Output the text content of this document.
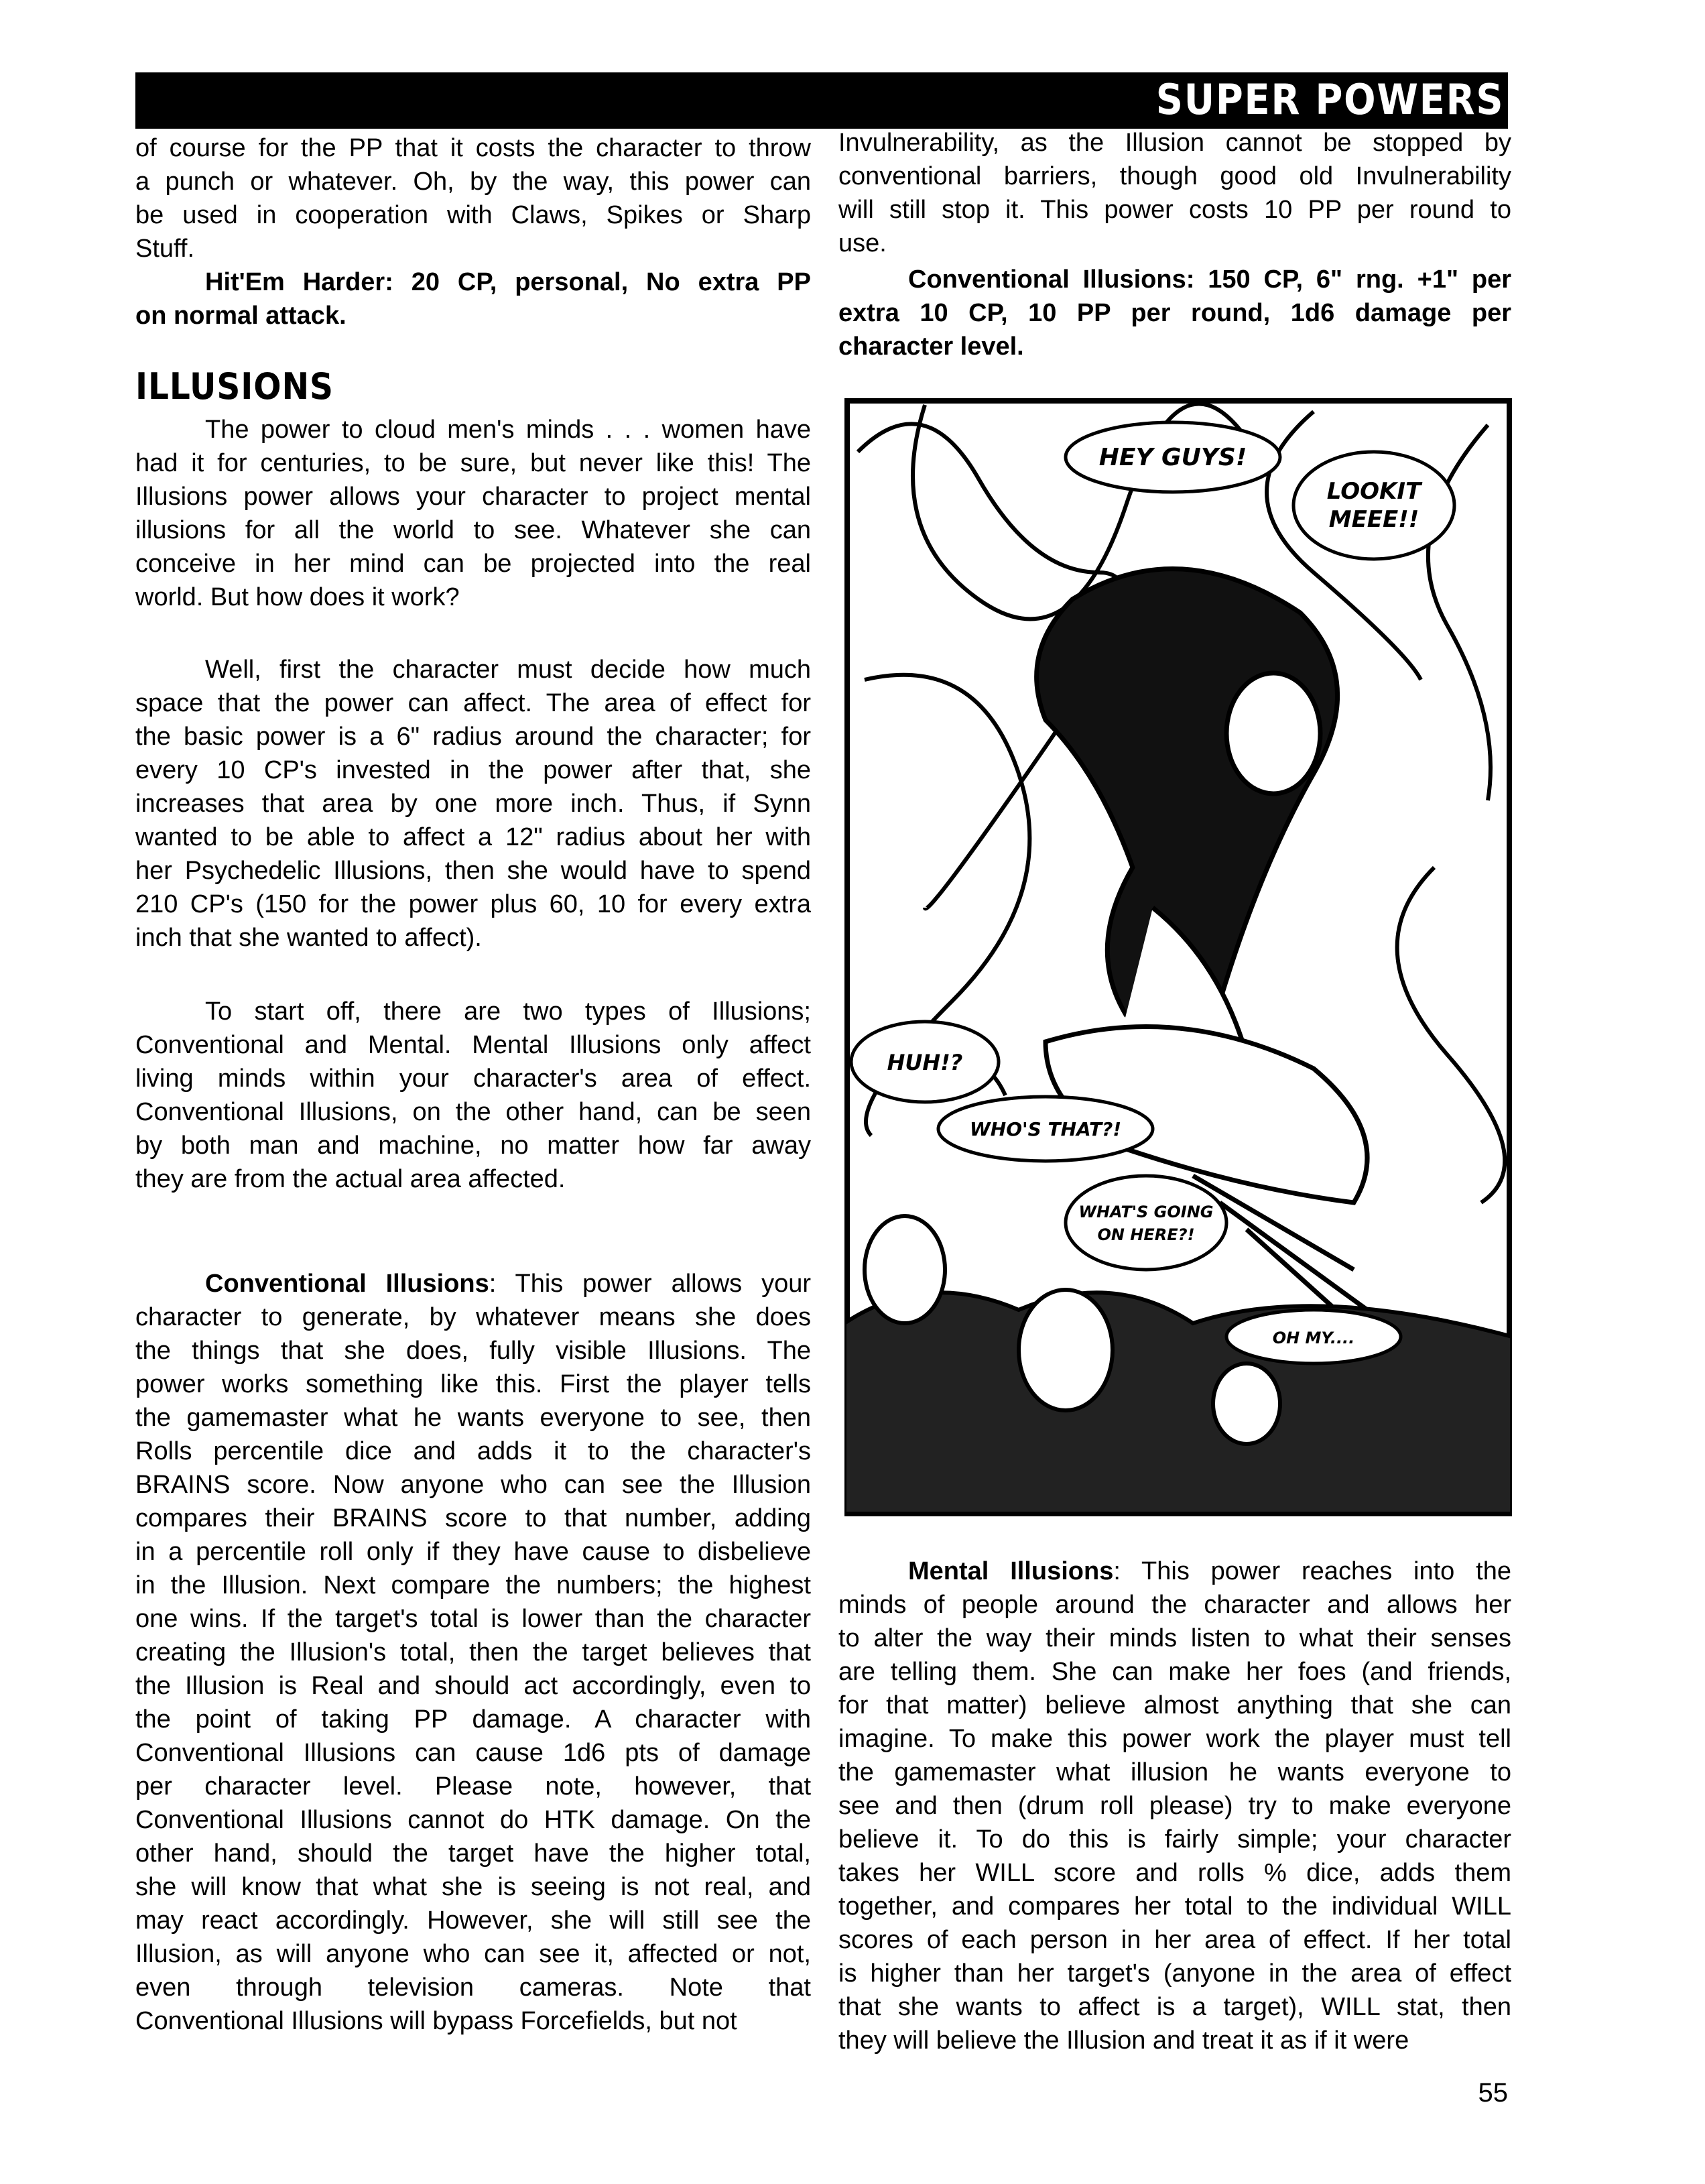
SUPER POWERS
of course for the PP that it costs the character to throw
a punch or whatever. Oh, by the way, this power can
be used in cooperation with Claws, Spikes or Sharp
Stuff.
Hit'Em Harder: 20 CP, personal, No extra PP
on normal attack.
ILLUSIONS
The power to cloud men's minds . . . women have
had it for centuries, to be sure, but never like this! The
Illusions power allows your character to project mental
illusions for all the world to see. Whatever she can
conceive in her mind can be projected into the real
world. But how does it work?
Well, first the character must decide how much
space that the power can affect. The area of effect for
the basic power is a 6" radius around the character; for
every 10 CP's invested in the power after that, she
increases that area by one more inch. Thus, if Synn
wanted to be able to affect a 12" radius about her with
her Psychedelic Illusions, then she would have to spend
210 CP's (150 for the power plus 60, 10 for every extra
inch that she wanted to affect).
To start off, there are two types of Illusions;
Conventional and Mental. Mental Illusions only affect
living minds within your character's area of effect.
Conventional Illusions, on the other hand, can be seen
by both man and machine, no matter how far away
they are from the actual area affected.
Conventional Illusions: This power allows your
character to generate, by whatever means she does
the things that she does, fully visible Illusions. The
power works something like this. First the player tells
the gamemaster what he wants everyone to see, then
Rolls percentile dice and adds it to the character's
BRAINS score. Now anyone who can see the Illusion
compares their BRAINS score to that number, adding
in a percentile roll only if they have cause to disbelieve
in the Illusion. Next compare the numbers; the highest
one wins. If the target's total is lower than the character
creating the Illusion's total, then the target believes that
the Illusion is Real and should act accordingly, even to
the point of taking PP damage. A character with
Conventional Illusions can cause 1d6 pts of damage
per character level. Please note, however, that
Conventional Illusions cannot do HTK damage. On the
other hand, should the target have the higher total,
she will know that what she is seeing is not real, and
may react accordingly. However, she will still see the
Illusion, as will anyone who can see it, affected or not,
even through television cameras. Note that
Conventional Illusions will bypass Forcefields, but not
Invulnerability, as the Illusion cannot be stopped by
conventional barriers, though good old Invulnerability
will still stop it. This power costs 10 PP per round to
use.
Conventional Illusions: 150 CP, 6" rng. +1" per
extra 10 CP, 10 PP per round, 1d6 damage per
character level.
HEY GUYS!
LOOKIT
MEEE!!
HUH!?
WHO'S THAT?!
WHAT'S GOING
ON HERE?!
OH MY....
Mental Illusions: This power reaches into the
minds of people around the character and allows her
to alter the way their minds listen to what their senses
are telling them. She can make her foes (and friends,
for that matter) believe almost anything that she can
imagine. To make this power work the player must tell
the gamemaster what illusion he wants everyone to
see and then (drum roll please) try to make everyone
believe it. To do this is fairly simple; your character
takes her WILL score and rolls % dice, adds them
together, and compares her total to the individual WILL
scores of each person in her area of effect. If her total
is higher than her target's (anyone in the area of effect
that she wants to affect is a target), WILL stat, then
they will believe the Illusion and treat it as if it were
55
